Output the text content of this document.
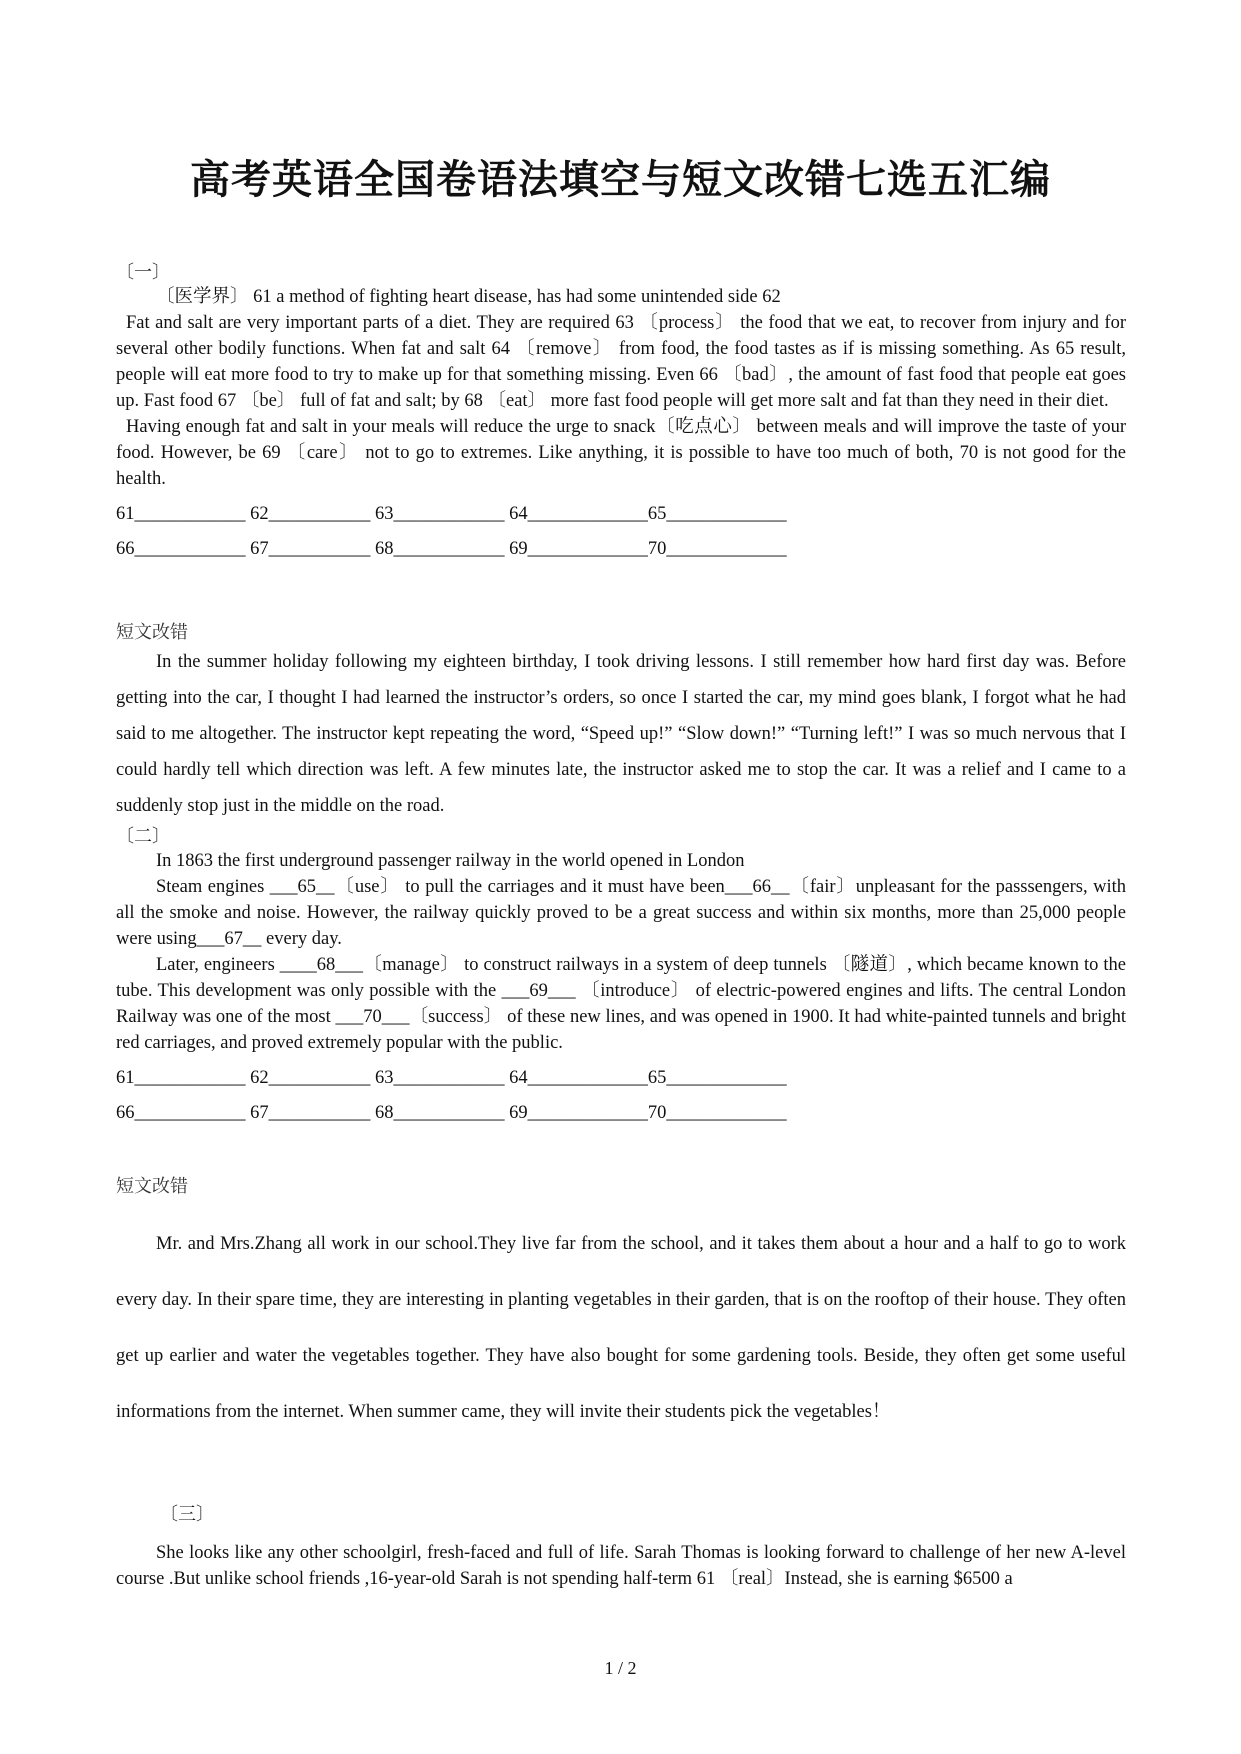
高考英语全国卷语法填空与短文改错七选五汇编
〔一〕
〔医学界〕 61 a method of fighting heart disease, has had some unintended side 62
Fat and salt are very important parts of a diet. They are required 63 〔process〕 the food that we eat, to recover from injury and for several other bodily functions. When fat and salt 64 〔remove〕 from food, the food tastes as if is missing something. As 65 result, people will eat more food to try to make up for that something missing. Even 66 〔bad〕, the amount of fast food that people eat goes up. Fast food 67 〔be〕 full of fat and salt; by 68 〔eat〕 more fast food people will get more salt and fat than they need in their diet.
Having enough fat and salt in your meals will reduce the urge to snack〔吃点心〕 between meals and will improve the taste of your food. However, be 69 〔care〕 not to go to extremes. Like anything, it is possible to have too much of both, 70 is not good for the health.
61____________ 62___________ 63____________ 64_____________65_____________
66____________ 67___________ 68____________ 69_____________70_____________
短文改错
In the summer holiday following my eighteen birthday, I took driving lessons. I still remember how hard first day was. Before getting into the car, I thought I had learned the instructor’s orders, so once I started the car, my mind goes blank, I forgot what he had said to me altogether. The instructor kept repeating the word, “Speed up!” “Slow down!” “Turning left!” I was so much nervous that I could hardly tell which direction was left. A few minutes late, the instructor asked me to stop the car. It was a relief and I came to a suddenly stop just in the middle on the road.
〔二〕
In 1863 the first underground passenger railway in the world opened in London
Steam engines ___65__〔use〕 to pull the carriages and it must have been___66__〔fair〕unpleasant for the passsengers, with all the smoke and noise. However, the railway quickly proved to be a great success and within six months, more than 25,000 people were using___67__ every day.
Later, engineers ____68___〔manage〕 to construct railways in a system of deep tunnels 〔隧道〕, which became known to the tube. This development was only possible with the ___69___ 〔introduce〕 of electric-powered engines and lifts. The central London Railway was one of the most ___70___〔success〕 of these new lines, and was opened in 1900. It had white-painted tunnels and bright red carriages, and proved extremely popular with the public.
61____________ 62___________ 63____________ 64_____________65_____________
66____________ 67___________ 68____________ 69_____________70_____________
短文改错
Mr. and Mrs.Zhang all work in our school.They live far from the school, and it takes them about a hour and a half to go to work every day. In their spare time, they are interesting in planting vegetables in their garden, that is on the rooftop of their house. They often get up earlier and water the vegetables together. They have also bought for some gardening tools. Beside, they often get some useful informations from the internet. When summer came, they will invite their students pick the vegetables！
〔三〕
She looks like any other schoolgirl, fresh-faced and full of life. Sarah Thomas is looking forward to challenge of her new A-level course .But unlike school friends ,16-year-old Sarah is not spending half-term 61 〔real〕Instead, she is earning $6500 a
1 / 2
